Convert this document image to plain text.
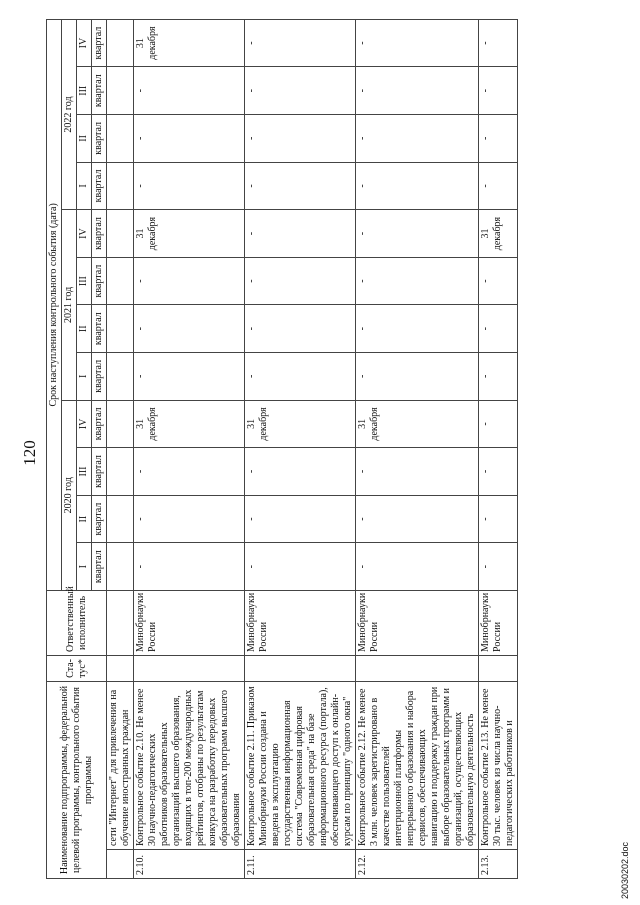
120
Наименование подпрограммы, федеральной целевой программы, контрольного события программы		Ста-тус*	Ответственный исполнитель	Срок наступления контрольного события (дата)											
				2020 год				2021 год				2022 год			
				I	II	III	IV	I	II	III	IV	I	II	III	IV
				квартал	квартал	квартал	квартал	квартал	квартал	квартал	квартал	квартал	квартал	квартал	квартал
	сети "Интернет" для привлечения на обучение иностранных граждан														
2.10.	Контрольное событие 2.10. Не менее 30 научно-педагогических работников образовательных организаций высшего образования, входящих в топ-200 международных рейтингов, отобраны по результатам конкурса на разработку передовых образовательных программ высшего образования		Минобрнауки России	-	-	-	31 декабря	-	-	-	31 декабря	-	-	-	31 декабря
2.11.	Контрольное событие 2.11. Приказом Минобрнауки России создана и введена в эксплуатацию государственная информационная система "Современная цифровая образовательная среда" на базе информационного ресурса (портала), обеспечивающего доступ к онлайн-курсам по принципу "одного окна"		Минобрнауки России	-	-	-	31 декабря	-	-	-	-	-	-	-	-
2.12.	Контрольное событие 2.12. Не менее 3 млн. человек зарегистрировано в качестве пользователей интегрционной платформы непрерывного образования и набора сервисов, обеспечивающих навигацию и поддержку граждан при выборе образовательных программ и организаций, осуществляющих образовательную деятельность		Минобрнауки России	-	-	-	31 декабря	-	-	-	-	-	-	-	-
2.13.	Контрольное событие 2.13. Не менее 30 тыс. человек из числа научно-педагогических работников и		Минобрнауки России	-	-	-	-	-	-	-	31 декабря	-	-	-	-
20030202.doc
